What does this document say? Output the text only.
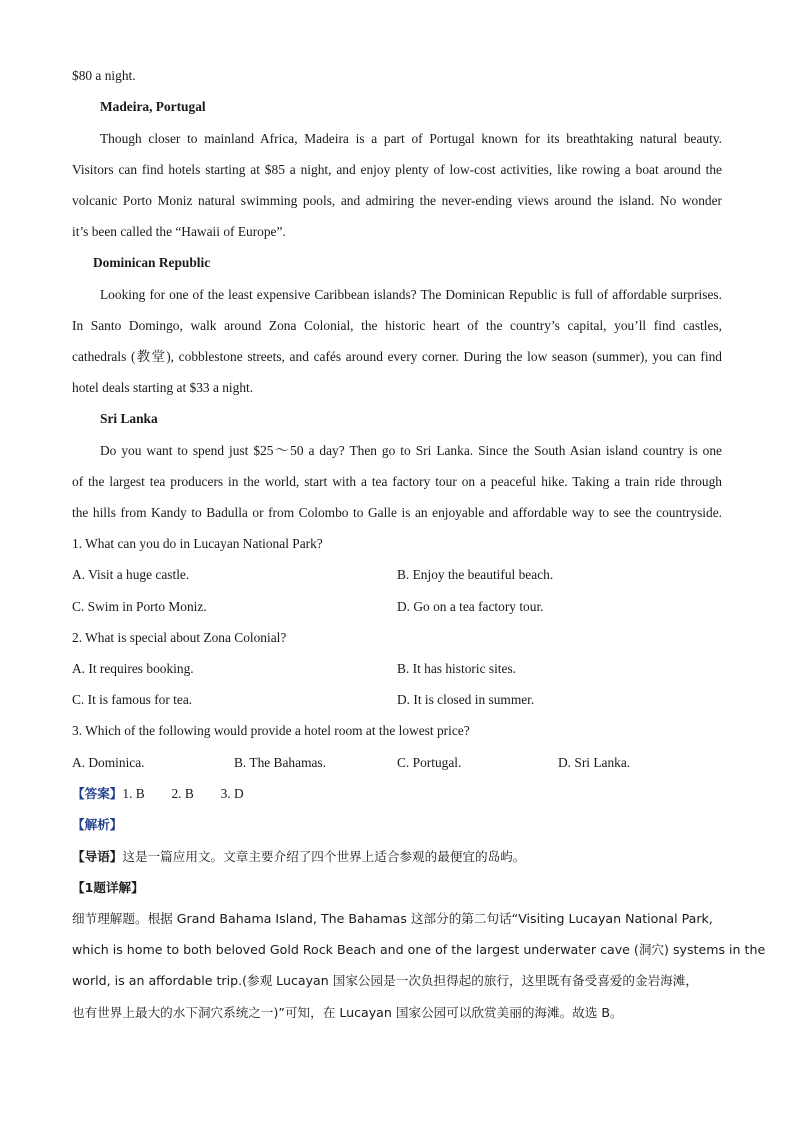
$80 a night.
Madeira, Portugal
Though closer to mainland Africa, Madeira is a part of Portugal known for its breathtaking natural beauty.
Visitors can find hotels starting at $85 a night, and enjoy plenty of low-cost activities, like rowing a boat around the
volcanic Porto Moniz natural swimming pools, and admiring the never-ending views around the island. No wonder
it’s been called the “Hawaii of Europe”.
Dominican Republic
Looking for one of the least expensive Caribbean islands? The Dominican Republic is full of affordable surprises.
In Santo Domingo, walk around Zona Colonial, the historic heart of the country’s capital, you’ll find castles,
cathedrals (教堂), cobblestone streets, and cafés around every corner. During the low season (summer), you can find
hotel deals starting at $33 a night.
Sri Lanka
Do you want to spend just $25～50 a day? Then go to Sri Lanka. Since the South Asian island country is one
of the largest tea producers in the world, start with a tea factory tour on a peaceful hike. Taking a train ride through
the hills from Kandy to Badulla or from Colombo to Galle is an enjoyable and affordable way to see the countryside.
1. What can you do in Lucayan National Park?
A. Visit a huge castle.	B. Enjoy the beautiful beach.
C. Swim in Porto Moniz.	D. Go on a tea factory tour.
2. What is special about Zona Colonial?
A. It requires booking.	B. It has historic sites.
C. It is famous for tea.	D. It is closed in summer.
3. Which of the following would provide a hotel room at the lowest price?
A. Dominica.	B. The Bahamas.	C. Portugal.	D. Sri Lanka.
【答案】1. B        2. B        3. D
【解析】
【导语】这是一篇应用文。文章主要介绍了四个世界上适合参观的最便宜的岛屿。
【1题详解】
细节理解题。根据 Grand Bahama Island, The Bahamas 这部分的第二句话“Visiting Lucayan National Park,
which is home to both beloved Gold Rock Beach and one of the largest underwater cave (洞穴) systems in the
world, is an affordable trip.(参观 Lucayan 国家公园是一次负担得起的旅行，这里既有备受喜爱的金岩海滩，
也有世界上最大的水下洞穴系统之一)”可知，在 Lucayan 国家公园可以欣赏美丽的海滩。故选 B。
